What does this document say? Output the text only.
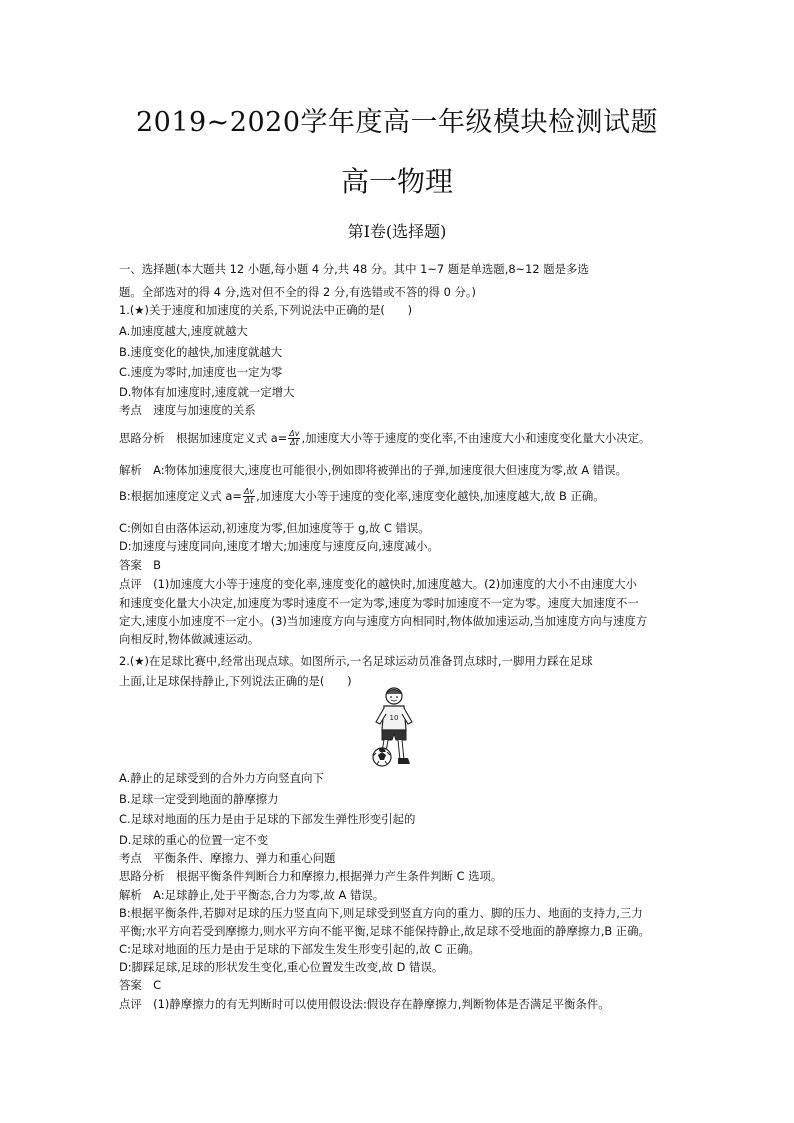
2019~2020学年度高一年级模块检测试题
高一物理
第Ⅰ卷(选择题)
一、选择题(本大题共 12 小题,每小题 4 分,共 48 分。其中 1~7 题是单选题,8~12 题是多选
题。全部选对的得 4 分,选对但不全的得 2 分,有选错或不答的得 0 分。)
1.(★)关于速度和加速度的关系,下列说法中正确的是(　　)
A.加速度越大,速度就越大
B.速度变化的越快,加速度就越大
C.速度为零时,加速度也一定为零
D.物体有加速度时,速度就一定增大
考点　速度与加速度的关系
思路分析　根据加速度定义式 $a= \frac{\Delta v}{\Delta t}$ ,加速度大小等于速度的变化率,不由速度大小和速度变化量大小决定。
解析　A:物体加速度很大,速度也可能很小,例如即将被弹出的子弹,加速度很大但速度为零,故 A 错误。
B:根据加速度定义式 $a= \frac{\Delta v}{\Delta t}$ ,加速度大小等于速度的变化率,速度变化越快,加速度越大,故 B 正确。
C:例如自由落体运动,初速度为零,但加速度等于 g,故 C 错误。
D:加速度与速度同向,速度才增大;加速度与速度反向,速度减小。
答案　B
点评　(1)加速度大小等于速度的变化率,速度变化的越快时,加速度越大。(2)加速度的大小不由速度大小
和速度变化量大小决定,加速度为零时速度不一定为零,速度为零时加速度不一定为零。速度大加速度不一
定大,速度小加速度不一定小。(3)当加速度方向与速度方向相同时,物体做加速运动,当加速度方向与速度方
向相反时,物体做减速运动。
2.(★)在足球比赛中,经常出现点球。如图所示,一名足球运动员准备罚点球时,一脚用力踩在足球
上面,让足球保持静止,下列说法正确的是(　　)
A.静止的足球受到的合外力方向竖直向下
B.足球一定受到地面的静摩擦力
C.足球对地面的压力是由于足球的下部发生弹性形变引起的
D.足球的重心的位置一定不变
考点　平衡条件、摩擦力、弹力和重心问题
思路分析　根据平衡条件判断合力和摩擦力,根据弹力产生条件判断 C 选项。
解析　A:足球静止,处于平衡态,合力为零,故 A 错误。
B:根据平衡条件,若脚对足球的压力竖直向下,则足球受到竖直方向的重力、脚的压力、地面的支持力,三力
平衡;水平方向若受到摩擦力,则水平方向不能平衡,足球不能保持静止,故足球不受地面的静摩擦力,B 正确。
C:足球对地面的压力是由于足球的下部发生发生形变引起的,故 C 正确。
D:脚踩足球,足球的形状发生变化,重心位置发生改变,故 D 错误。
答案　C
点评　(1)静摩擦力的有无判断时可以使用假设法:假设存在静摩擦力,判断物体是否满足平衡条件。
10
